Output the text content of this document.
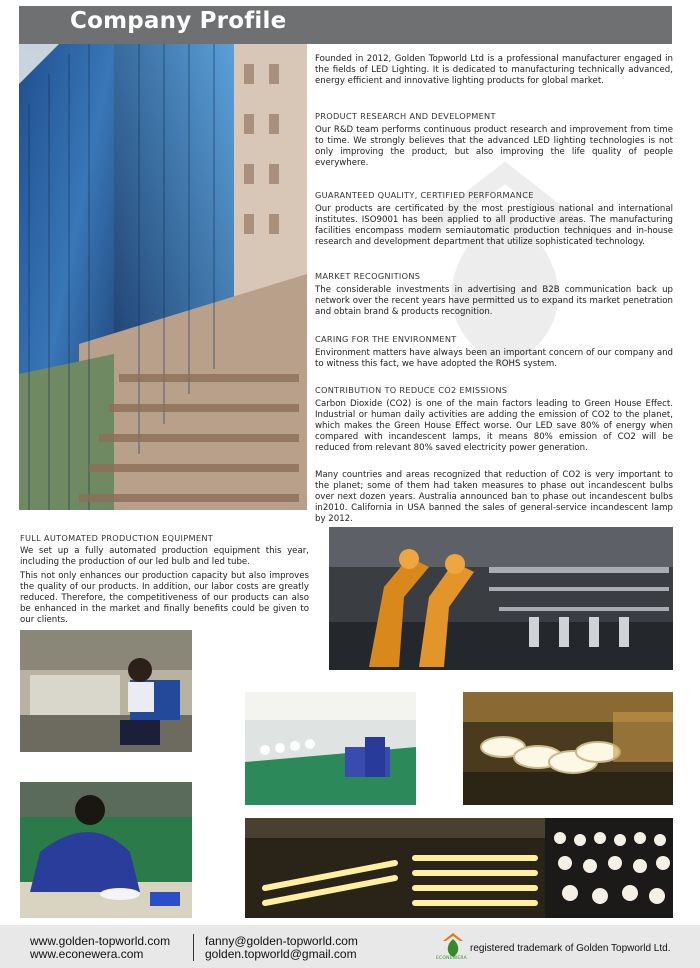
Company Profile
Founded in 2012, Golden Topworld Ltd is a professional manufacturer engaged in the fields of LED Lighting. It is dedicated to manufacturing technically advanced, energy efficient and innovative lighting products for global market.
PRODUCT RESEARCH AND DEVELOPMENT

Our R&D team performs continuous product research and improvement from time to time. We strongly believes that the advanced LED lighting technologies is not only improving the product, but also improving the life quality of people everywhere.

GUARANTEED QUALITY, CERTIFIED PERFORMANCE

Our products are certificated by the most prestigious national and international institutes. ISO9001 has been applied to all productive areas. The manufacturing facilities encompass modern semiautomatic production techniques and in-house research and development department that utilize sophisticated technology.

MARKET RECOGNITIONS

The considerable investments in advertising and B2B communication back up network over the recent years have permitted us to expand its market penetration and obtain brand & products recognition.

CARING FOR THE ENVIRONMENT

Environment matters have always been an important concern of our company and to witness this fact, we have adopted the ROHS system.

CONTRIBUTION TO REDUCE CO2 EMISSIONS

Carbon Dioxide (CO2) is one of the main factors leading to Green House Effect. Industrial or human daily activities are adding the emission of CO2 to the planet, which makes the Green House Effect worse. Our LED save 80% of energy when compared with incandescent lamps, it means 80% emission of CO2 will be reduced from relevant 80% saved electricity power generation.

Many countries and areas recognized that reduction of CO2 is very important to the planet; some of them had taken measures to phase out incandescent bulbs over next dozen years. Australia announced ban to phase out incandescent bulbs in2010. California in USA banned the sales of general-service incandescent lamp by 2012.

FULL AUTOMATED PRODUCTION EQUIPMENT

We set up a fully automated production equipment this year, including the production of our led bulb and led tube.

This not only enhances our production capacity but also improves the quality of our products. In addition, our labor costs are greatly reduced. Therefore, the competitiveness of our products can also be enhanced in the market and finally benefits could be given to our clients.

www.golden-topworld.com
www.econewera.com
fanny@golden-topworld.com
golden.topworld@gmail.com	ECONEWERA
registered trademark of Golden Topworld Ltd.
